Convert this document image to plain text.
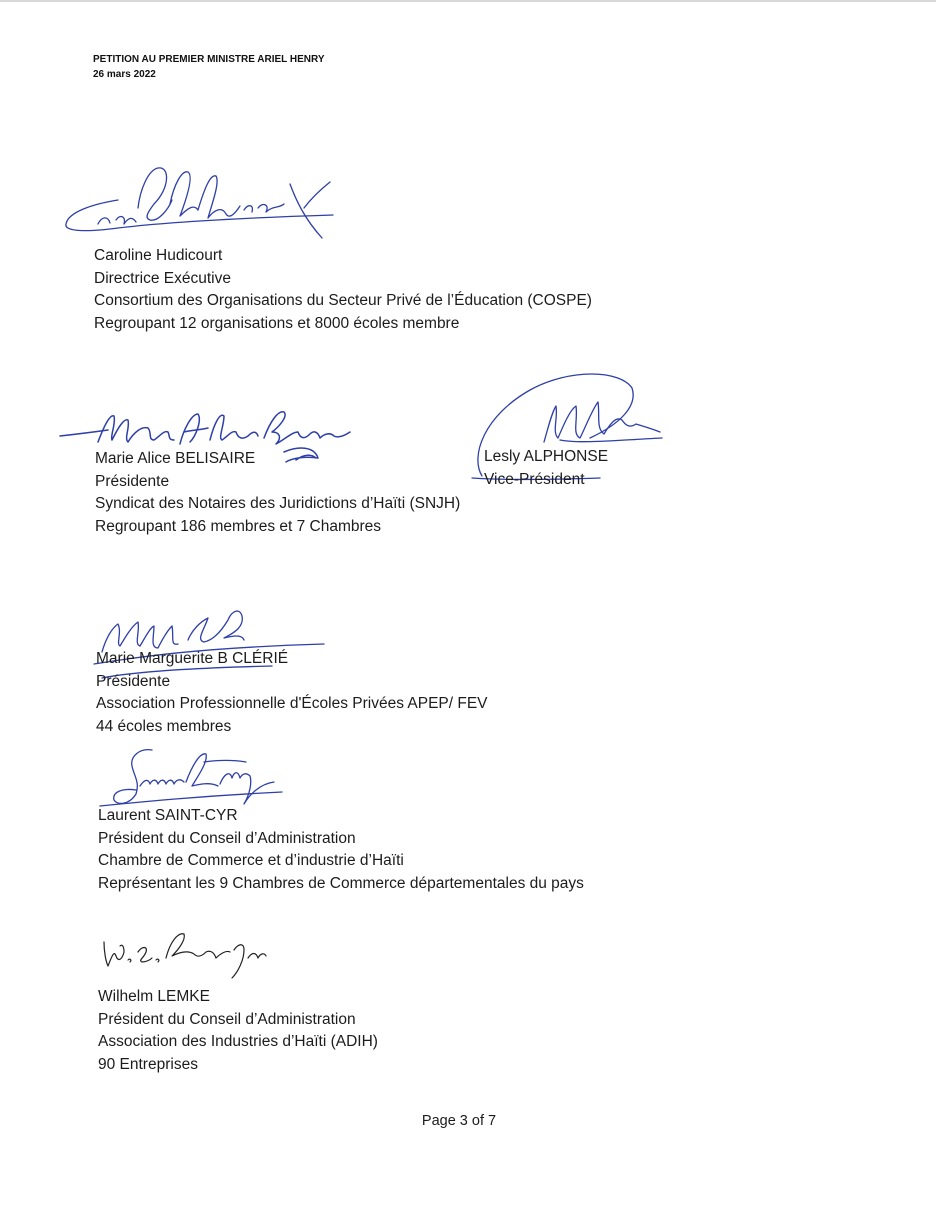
PETITION AU PREMIER MINISTRE ARIEL HENRY
26 mars 2022
Caroline Hudicourt
Directrice Exécutive
Consortium des Organisations du Secteur Privé de l’Éducation (COSPE)
Regroupant 12 organisations et 8000 écoles membre
Marie Alice BELISAIRE
Présidente
Syndicat des Notaires des Juridictions d’Haïti (SNJH)
Regroupant 186 membres et 7 Chambres
Lesly ALPHONSE
Vice-Président
Marie Marguerite B CLÉRIÉ
Présidente
Association Professionnelle d'Écoles Privées APEP/ FEV
44 écoles membres
Laurent SAINT-CYR
Président du Conseil d’Administration
Chambre de Commerce et d’industrie d’Haïti
Représentant les 9 Chambres de Commerce départementales du pays
Wilhelm LEMKE
Président du Conseil d’Administration
Association des Industries d’Haïti (ADIH)
90 Entreprises
Page 3 of 7
